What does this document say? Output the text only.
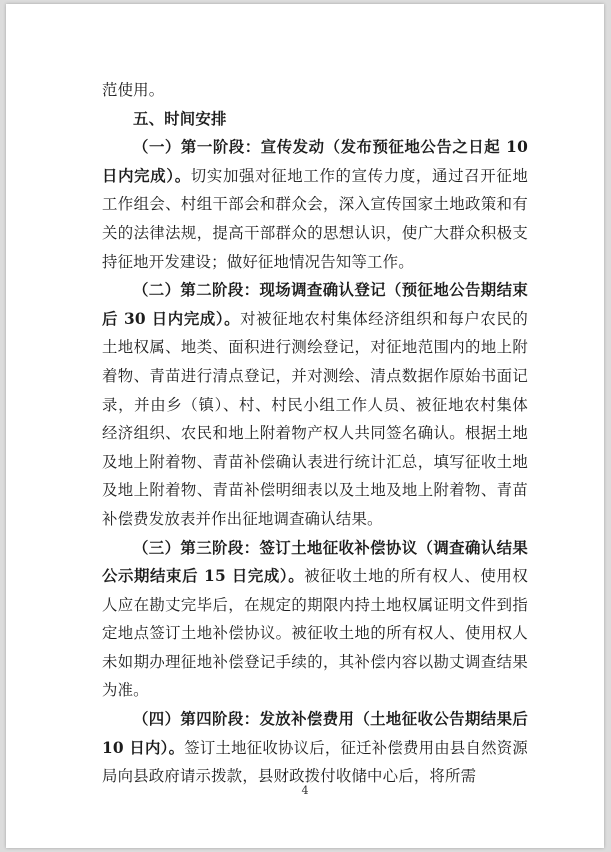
范使用。

五、时间安排

（一）第一阶段：宣传发动（发布预征地公告之日起 10 日内完成）。切实加强对征地工作的宣传力度，通过召开征地工作组会、村组干部会和群众会，深入宣传国家土地政策和有关的法律法规，提高干部群众的思想认识，使广大群众积极支持征地开发建设；做好征地情况告知等工作。

（二）第二阶段：现场调查确认登记（预征地公告期结束后 30 日内完成）。对被征地农村集体经济组织和每户农民的土地权属、地类、面积进行测绘登记，对征地范围内的地上附着物、青苗进行清点登记，并对测绘、清点数据作原始书面记录，并由乡（镇）、村、村民小组工作人员、被征地农村集体经济组织、农民和地上附着物产权人共同签名确认。根据土地及地上附着物、青苗补偿确认表进行统计汇总，填写征收土地及地上附着物、青苗补偿明细表以及土地及地上附着物、青苗补偿费发放表并作出征地调查确认结果。

（三）第三阶段：签订土地征收补偿协议（调查确认结果公示期结束后 15 日完成）。被征收土地的所有权人、使用权人应在勘丈完毕后，在规定的期限内持土地权属证明文件到指定地点签订土地补偿协议。被征收土地的所有权人、使用权人未如期办理征地补偿登记手续的，其补偿内容以勘丈调查结果为准。

（四）第四阶段：发放补偿费用（土地征收公告期结果后 10 日内）。签订土地征收协议后，征迁补偿费用由县自然资源局向县政府请示拨款，县财政拨付收储中心后，将所需

4
